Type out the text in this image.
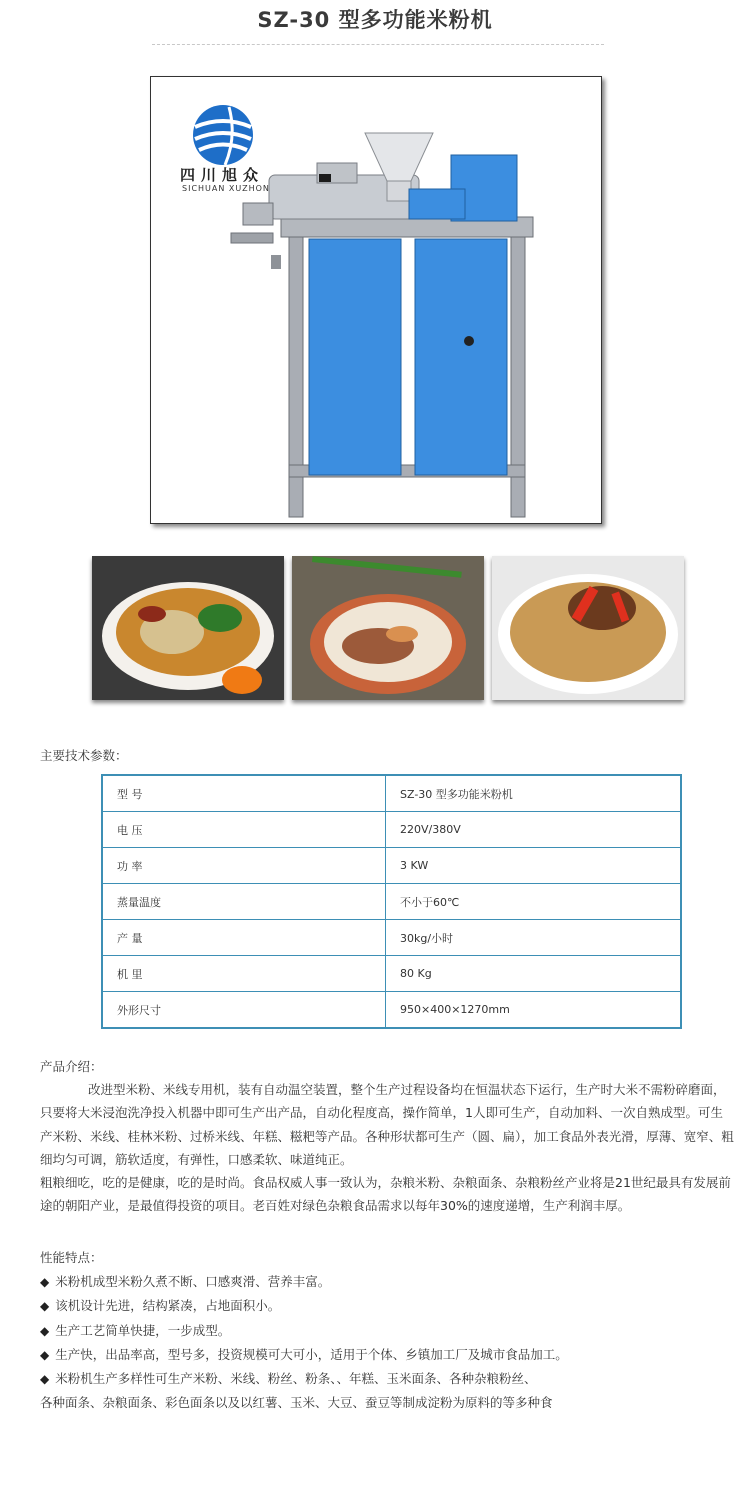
SZ-30 型多功能米粉机
四川旭众
SICHUAN XUZHON
主要技术参数：
型 号	SZ-30 型多功能米粉机
电 压	220V/380V
功 率	3 KW
蒸量温度	不小于60℃
产 量	30kg/小时
机 里	80 Kg
外形尺寸	950×400×1270mm
产品介绍：

改进型米粉、米线专用机，装有自动温空装置，整个生产过程设备均在恒温状态下运行，生产时大米不需粉碎磨面，只要将大米浸泡洗净投入机器中即可生产出产品，自动化程度高，操作简单，1人即可生产，自动加料、一次自熟成型。可生产米粉、米线、桂林米粉、过桥米线、年糕、糍粑等产品。各种形状都可生产（圆、扁），加工食品外表光滑，厚薄、宽窄、粗细均匀可调，筋软适度，有弹性，口感柔软、味道纯正。

粗粮细吃，吃的是健康，吃的是时尚。食品权威人事一致认为，杂粮米粉、杂粮面条、杂粮粉丝产业将是21世纪最具有发展前途的朝阳产业，是最值得投资的项目。老百姓对绿色杂粮食品需求以每年30%的速度递增，生产利润丰厚。

性能特点：
◆ 米粉机成型米粉久煮不断、口感爽滑、营养丰富。
◆ 该机设计先进，结构紧凑，占地面积小。
◆ 生产工艺简单快捷，一步成型。
◆ 生产快，出品率高，型号多，投资规模可大可小，适用于个体、乡镇加工厂及城市食品加工。
◆ 米粉机生产多样性可生产米粉、米线、粉丝、粉条、、年糕、玉米面条、各种杂粮粉丝、
各种面条、杂粮面条、彩色面条以及以红薯、玉米、大豆、蚕豆等制成淀粉为原料的等多种食
